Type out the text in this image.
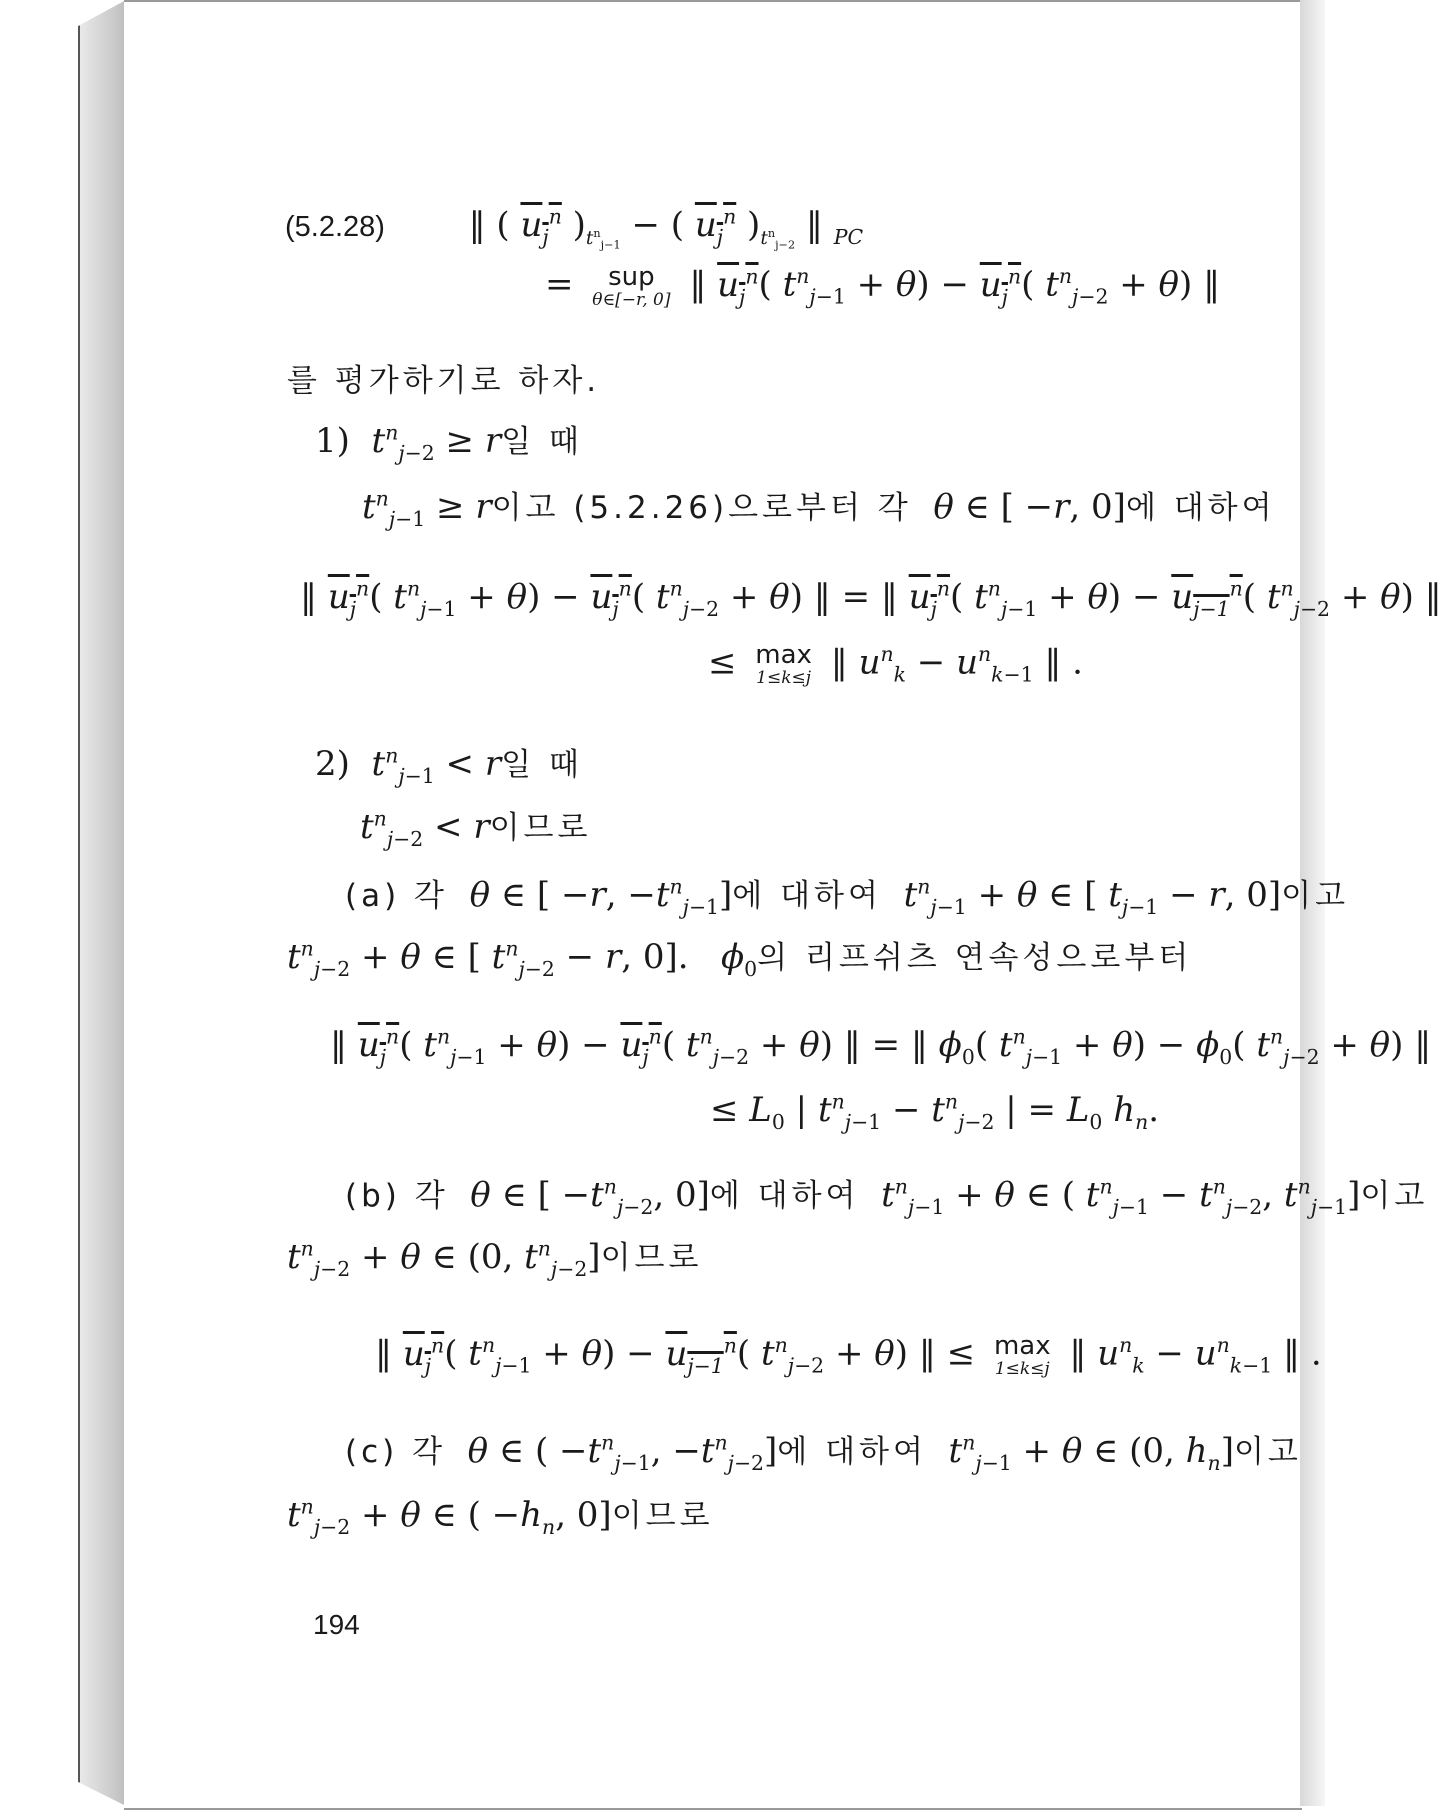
(5.2.28)  ‖ ( $u_j^n$ )$_{t^n_{j-1}}$ − ( $u_j^n$ )$_{t^n_{j-2}}$ ‖ $_{PC}$
= sup
θ∈[−r, 0] ‖ $u_j^n$( $t^n_{j-1} + \theta) - u_j^n$( $t^n_{j-2} + \theta$) ‖
를 평가하기로 하자.
1) $t^n_{j-2} \ge r$일 때
$t^n_{j-1} \ge r$이고 (5.2.26)으로부터 각 θ ∈ [ −r, 0]에 대하여
‖ $u_j^n$( $t^n_{j-1} + \theta) - u_j^n$( $t^n_{j-2} + \theta$) ‖ = ‖ $u_j^n$( $t^n_{j-1} + \theta) - u_{j-1}^n$( $t^n_{j-2} + \theta$) ‖
≤ max
1≤k≤j ‖ $u^n_k - u^n_{k-1}$ ‖ .
2) $t^n_{j-1} < r$일 때
$t^n_{j-2} < r$이므로
(a) 각 θ ∈ [ −r, $-t^n_{j-1}$]에 대하여 $t^n_{j-1} + \theta$ ∈ [ $t_{j-1} - r$, 0]이고
$t^n_{j-2} + \theta$ ∈ [ $t^n_{j-2} - r$, 0].   $\phi_0$의 리프쉬츠 연속성으로부터
‖ $u_j^n$( $t^n_{j-1} + \theta) - u_j^n$( $t^n_{j-2} + \theta$) ‖ = ‖ $\phi_0$( $t^n_{j-1} + \theta) - \phi_0$( $t^n_{j-2} + \theta$) ‖
≤ $L_0$ | $t^n_{j-1} - t^n_{j-2}$ | = $L_0$ $h_n$.
(b) 각 θ ∈ [ $-t^n_{j-2}$, 0]에 대하여 $t^n_{j-1} + \theta$ ∈ ( $t^n_{j-1} - t^n_{j-2}$, $t^n_{j-1}$]이고
$t^n_{j-2} + \theta$ ∈ (0, $t^n_{j-2}$]이므로
‖ $u_j^n$( $t^n_{j-1} + \theta) - u_{j-1}^n$( $t^n_{j-2} + \theta$) ‖ ≤ max
1≤k≤j ‖ $u^n_k - u^n_{k-1}$ ‖ .
(c) 각 θ ∈ ( $-t^n_{j-1}$, $-t^n_{j-2}$]에 대하여 $t^n_{j-1} + \theta$ ∈ (0, $h_n$]이고
$t^n_{j-2} + \theta$ ∈ ( $-h_n$, 0]이므로
194
